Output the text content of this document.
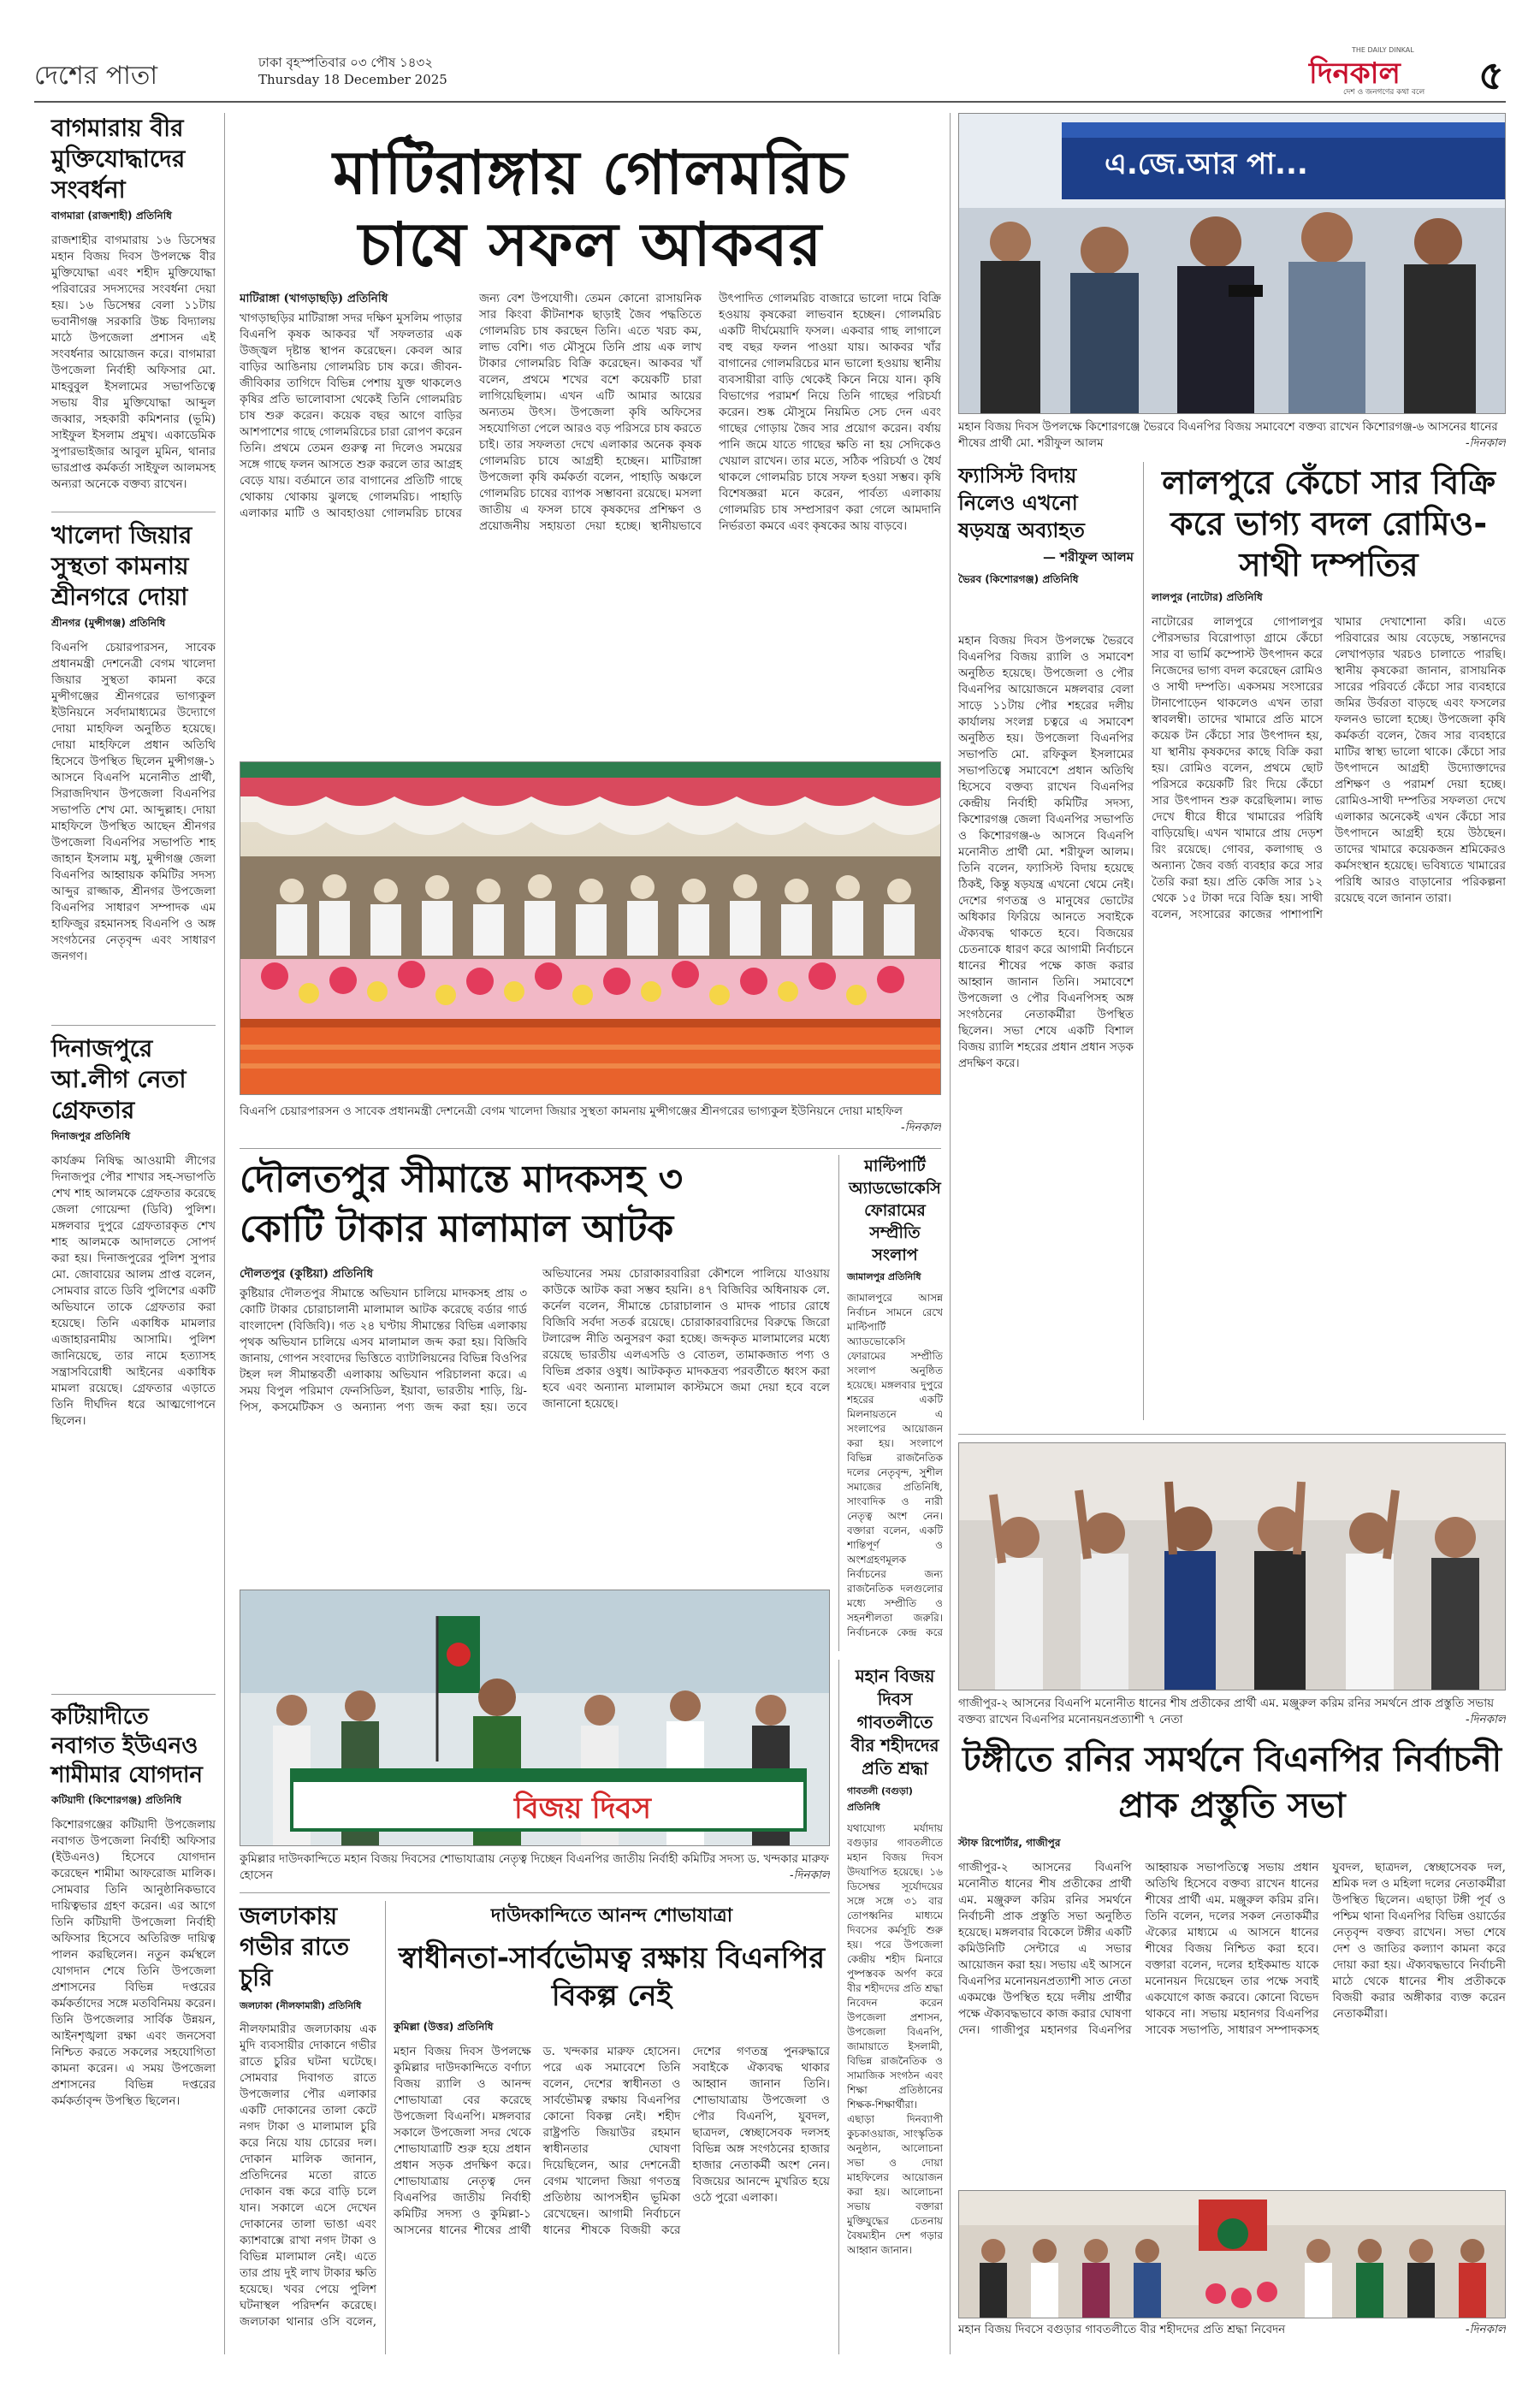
দেশের পাতা	ঢাকা বৃহস্পতিবার ০৩ পৌষ ১৪৩২
Thursday 18 December 2025
THE DAILY DINKAL
দিনকাল
দেশ ও জনগণের কথা বলে ৫
বাগমারায় বীর মুক্তিযোদ্ধাদের সংবর্ধনা
বাগমারা (রাজশাহী) প্রতিনিধি
রাজশাহীর বাগমারায় ১৬ ডিসেম্বর মহান বিজয় দিবস উপলক্ষে বীর মুক্তিযোদ্ধা এবং শহীদ মুক্তিযোদ্ধা পরিবারের সদস্যদের সংবর্ধনা দেয়া হয়। ১৬ ডিসেম্বর বেলা ১১টায় ভবানীগঞ্জ সরকারি উচ্চ বিদ্যালয় মাঠে উপজেলা প্রশাসন এই সংবর্ধনার আয়োজন করে। বাগমারা উপজেলা নির্বাহী অফিসার মো. মাহবুবুল ইসলামের সভাপতিত্বে সভায় বীর মুক্তিযোদ্ধা আব্দুল জব্বার, সহকারী কমিশনার (ভূমি) সাইফুল ইসলাম প্রমুখ। একাডেমিক সুপারভাইজার আবুল মুমিন, থানার ভারপ্রাপ্ত কর্মকর্তা সাইফুল আলমসহ অন্যরা অনেকে বক্তব্য রাখেন।
খালেদা জিয়ার সুস্থতা কামনায় শ্রীনগরে দোয়া
শ্রীনগর (মুন্সীগঞ্জ) প্রতিনিধি
বিএনপি চেয়ারপারসন, সাবেক প্রধানমন্ত্রী দেশনেত্রী বেগম খালেদা জিয়ার সুস্থতা কামনা করে মুন্সীগঞ্জের শ্রীনগরের ভাগ্যকুল ইউনিয়নে সর্বদামাধ্যমের উদ্যোগে দোয়া মাহফিল অনুষ্ঠিত হয়েছে। দোয়া মাহফিলে প্রধান অতিথি হিসেবে উপস্থিত ছিলেন মুন্সীগঞ্জ-১ আসনে বিএনপি মনোনীত প্রার্থী, সিরাজদিখান উপজেলা বিএনপির সভাপতি শেখ মো. আব্দুল্লাহ। দোয়া মাহফিলে উপস্থিত আছেন শ্রীনগর উপজেলা বিএনপির সভাপতি শাহ জাহান ইসলাম মধু, মুন্সীগঞ্জ জেলা বিএনপির আহ্বায়ক কমিটির সদস্য আব্দুর রাজ্জাক, শ্রীনগর উপজেলা বিএনপির সাধারণ সম্পাদক এম হাফিজুর রহমানসহ বিএনপি ও অঙ্গ সংগঠনের নেতৃবৃন্দ এবং সাধারণ জনগণ।
দিনাজপুরে আ.লীগ নেতা গ্রেফতার
দিনাজপুর প্রতিনিধি
কার্যক্রম নিষিদ্ধ আওয়ামী লীগের দিনাজপুর পৌর শাখার সহ-সভাপতি শেখ শাহ আলমকে গ্রেফতার করেছে জেলা গোয়েন্দা (ডিবি) পুলিশ। মঙ্গলবার দুপুরে গ্রেফতারকৃত শেখ শাহ আলমকে আদালতে সোপর্দ করা হয়। দিনাজপুরের পুলিশ সুপার মো. জোবায়ের আলম প্রাপ্ত বলেন, সোমবার রাতে ডিবি পুলিশের একটি অভিযানে তাকে গ্রেফতার করা হয়েছে। তিনি একাধিক মামলার এজাহারনামীয় আসামি। পুলিশ জানিয়েছে, তার নামে হত্যাসহ সন্ত্রাসবিরোধী আইনের একাধিক মামলা রয়েছে। গ্রেফতার এড়াতে তিনি দীর্ঘদিন ধরে আত্মগোপনে ছিলেন।
কটিয়াদীতে নবাগত ইউএনও শামীমার যোগদান
কটিয়াদী (কিশোরগঞ্জ) প্রতিনিধি
কিশোরগঞ্জের কটিয়াদী উপজেলায় নবাগত উপজেলা নির্বাহী অফিসার (ইউএনও) হিসেবে যোগদান করেছেন শামীমা আফরোজ মালিক। সোমবার তিনি আনুষ্ঠানিকভাবে দায়িত্বভার গ্রহণ করেন। এর আগে তিনি কটিয়াদী উপজেলা নির্বাহী অফিসার হিসেবে অতিরিক্ত দায়িত্ব পালন করছিলেন। নতুন কর্মস্থলে যোগদান শেষে তিনি উপজেলা প্রশাসনের বিভিন্ন দপ্তরের কর্মকর্তাদের সঙ্গে মতবিনিময় করেন। তিনি উপজেলার সার্বিক উন্নয়ন, আইনশৃঙ্খলা রক্ষা এবং জনসেবা নিশ্চিত করতে সকলের সহযোগিতা কামনা করেন। এ সময় উপজেলা প্রশাসনের বিভিন্ন দপ্তরের কর্মকর্তাবৃন্দ উপস্থিত ছিলেন।
মাটিরাঙ্গায় গোলমরিচ
চাষে সফল আকবর
মাটিরাঙ্গা (খাগড়াছড়ি) প্রতিনিধি
খাগড়াছড়ির মাটিরাঙ্গা সদর দক্ষিণ মুসলিম পাড়ার বিএনপি কৃষক আকবর খাঁ সফলতার এক উজ্জ্বল দৃষ্টান্ত স্থাপন করেছেন। কেবল আর বাড়ির আঙিনায় গোলমরিচ চাষ করে। জীবন-জীবিকার তাগিদে বিভিন্ন পেশায় যুক্ত থাকলেও কৃষির প্রতি ভালোবাসা থেকেই তিনি গোলমরিচ চাষ শুরু করেন। কয়েক বছর আগে বাড়ির আশপাশের গাছে গোলমরিচের চারা রোপণ করেন তিনি। প্রথমে তেমন গুরুত্ব না দিলেও সময়ের সঙ্গে গাছে ফলন আসতে শুরু করলে তার আগ্রহ বেড়ে যায়। বর্তমানে তার বাগানের প্রতিটি গাছে থোকায় থোকায় ঝুলছে গোলমরিচ। পাহাড়ি এলাকার মাটি ও আবহাওয়া গোলমরিচ চাষের জন্য বেশ উপযোগী। তেমন কোনো রাসায়নিক সার কিংবা কীটনাশক ছাড়াই জৈব পদ্ধতিতে গোলমরিচ চাষ করছেন তিনি। এতে খরচ কম, লাভ বেশি। গত মৌসুমে তিনি প্রায় এক লাখ টাকার গোলমরিচ বিক্রি করেছেন। আকবর খাঁ বলেন, প্রথমে শখের বশে কয়েকটি চারা লাগিয়েছিলাম। এখন এটি আমার আয়ের অন্যতম উৎস। উপজেলা কৃষি অফিসের সহযোগিতা পেলে আরও বড় পরিসরে চাষ করতে চাই। তার সফলতা দেখে এলাকার অনেক কৃষক গোলমরিচ চাষে আগ্রহী হচ্ছেন। মাটিরাঙ্গা উপজেলা কৃষি কর্মকর্তা বলেন, পাহাড়ি অঞ্চলে গোলমরিচ চাষের ব্যাপক সম্ভাবনা রয়েছে। মসলা জাতীয় এ ফসল চাষে কৃষকদের প্রশিক্ষণ ও প্রয়োজনীয় সহায়তা দেয়া হচ্ছে। স্থানীয়ভাবে উৎপাদিত গোলমরিচ বাজারে ভালো দামে বিক্রি হওয়ায় কৃষকেরা লাভবান হচ্ছেন। গোলমরিচ একটি দীর্ঘমেয়াদি ফসল। একবার গাছ লাগালে বহু বছর ফলন পাওয়া যায়। আকবর খাঁর বাগানের গোলমরিচের মান ভালো হওয়ায় স্থানীয় ব্যবসায়ীরা বাড়ি থেকেই কিনে নিয়ে যান। কৃষি বিভাগের পরামর্শ নিয়ে তিনি গাছের পরিচর্যা করেন। শুষ্ক মৌসুমে নিয়মিত সেচ দেন এবং গাছের গোড়ায় জৈব সার প্রয়োগ করেন। বর্ষায় পানি জমে যাতে গাছের ক্ষতি না হয় সেদিকেও খেয়াল রাখেন। তার মতে, সঠিক পরিচর্যা ও ধৈর্য থাকলে গোলমরিচ চাষে সফল হওয়া সম্ভব। কৃষি বিশেষজ্ঞরা মনে করেন, পার্বত্য এলাকায় গোলমরিচ চাষ সম্প্রসারণ করা গেলে আমদানি নির্ভরতা কমবে এবং কৃষকের আয় বাড়বে।
বিএনপি চেয়ারপারসন ও সাবেক প্রধানমন্ত্রী দেশনেত্রী বেগম খালেদা জিয়ার সুস্থতা কামনায় মুন্সীগঞ্জের শ্রীনগরের ভাগ্যকুল ইউনিয়নে দোয়া মাহফিল
-দিনকাল
এ.জে.আর পা...
মহান বিজয় দিবস উপলক্ষে কিশোরগঞ্জে ভৈরবে বিএনপির বিজয় সমাবেশে বক্তব্য রাখেন কিশোরগঞ্জ-৬ আসনের ধানের শীষের প্রার্থী মো. শরীফুল আলম	-দিনকাল
ফ্যাসিস্ট বিদায় নিলেও এখনো ষড়যন্ত্র অব্যাহত
— শরীফুল আলম
ভৈরব (কিশোরগঞ্জ) প্রতিনিধি
মহান বিজয় দিবস উপলক্ষে ভৈরবে বিএনপির বিজয় র‍্যালি ও সমাবেশ অনুষ্ঠিত হয়েছে। উপজেলা ও পৌর বিএনপির আয়োজনে মঙ্গলবার বেলা সাড়ে ১১টায় পৌর শহরের দলীয় কার্যালয় সংলগ্ন চত্বরে এ সমাবেশ অনুষ্ঠিত হয়। উপজেলা বিএনপির সভাপতি মো. রফিকুল ইসলামের সভাপতিত্বে সমাবেশে প্রধান অতিথি হিসেবে বক্তব্য রাখেন বিএনপির কেন্দ্রীয় নির্বাহী কমিটির সদস্য, কিশোরগঞ্জ জেলা বিএনপির সভাপতি ও কিশোরগঞ্জ-৬ আসনে বিএনপি মনোনীত প্রার্থী মো. শরীফুল আলম। তিনি বলেন, ফ্যাসিস্ট বিদায় হয়েছে ঠিকই, কিন্তু ষড়যন্ত্র এখনো থেমে নেই। দেশের গণতন্ত্র ও মানুষের ভোটের অধিকার ফিরিয়ে আনতে সবাইকে ঐক্যবদ্ধ থাকতে হবে। বিজয়ের চেতনাকে ধারণ করে আগামী নির্বাচনে ধানের শীষের পক্ষে কাজ করার আহ্বান জানান তিনি। সমাবেশে উপজেলা ও পৌর বিএনপিসহ অঙ্গ সংগঠনের নেতাকর্মীরা উপস্থিত ছিলেন। সভা শেষে একটি বিশাল বিজয় র‍্যালি শহরের প্রধান প্রধান সড়ক প্রদক্ষিণ করে।
লালপুরে কেঁচো সার বিক্রি করে ভাগ্য বদল রোমিও-সাথী দম্পতির
লালপুর (নাটোর) প্রতিনিধি
নাটোরের লালপুরে গোপালপুর পৌরসভার বিরোপাড়া গ্রামে কেঁচো সার বা ভার্মি কম্পোস্ট উৎপাদন করে নিজেদের ভাগ্য বদল করেছেন রোমিও ও সাথী দম্পতি। একসময় সংসারের টানাপোড়েন থাকলেও এখন তারা স্বাবলম্বী। তাদের খামারে প্রতি মাসে কয়েক টন কেঁচো সার উৎপাদন হয়, যা স্থানীয় কৃষকদের কাছে বিক্রি করা হয়। রোমিও বলেন, প্রথমে ছোট পরিসরে কয়েকটি রিং দিয়ে কেঁচো সার উৎপাদন শুরু করেছিলাম। লাভ দেখে ধীরে ধীরে খামারের পরিধি বাড়িয়েছি। এখন খামারে প্রায় দেড়শ রিং রয়েছে। গোবর, কলাগাছ ও অন্যান্য জৈব বর্জ্য ব্যবহার করে সার তৈরি করা হয়। প্রতি কেজি সার ১২ থেকে ১৫ টাকা দরে বিক্রি হয়। সাথী বলেন, সংসারের কাজের পাশাপাশি খামার দেখাশোনা করি। এতে পরিবারের আয় বেড়েছে, সন্তানদের লেখাপড়ার খরচও চালাতে পারছি। স্থানীয় কৃষকেরা জানান, রাসায়নিক সারের পরিবর্তে কেঁচো সার ব্যবহারে জমির উর্বরতা বাড়ছে এবং ফসলের ফলনও ভালো হচ্ছে। উপজেলা কৃষি কর্মকর্তা বলেন, জৈব সার ব্যবহারে মাটির স্বাস্থ্য ভালো থাকে। কেঁচো সার উৎপাদনে আগ্রহী উদ্যোক্তাদের প্রশিক্ষণ ও পরামর্শ দেয়া হচ্ছে। রোমিও-সাথী দম্পতির সফলতা দেখে এলাকার অনেকেই এখন কেঁচো সার উৎপাদনে আগ্রহী হয়ে উঠছেন। তাদের খামারে কয়েকজন শ্রমিকেরও কর্মসংস্থান হয়েছে। ভবিষ্যতে খামারের পরিধি আরও বাড়ানোর পরিকল্পনা রয়েছে বলে জানান তারা।
দৌলতপুর সীমান্তে মাদকসহ ৩
কোটি টাকার মালামাল আটক
দৌলতপুর (কুষ্টিয়া) প্রতিনিধি
কুষ্টিয়ার দৌলতপুর সীমান্তে অভিযান চালিয়ে মাদকসহ প্রায় ৩ কোটি টাকার চোরাচালানী মালামাল আটক করেছে বর্ডার গার্ড বাংলাদেশ (বিজিবি)। গত ২৪ ঘণ্টায় সীমান্তের বিভিন্ন এলাকায় পৃথক অভিযান চালিয়ে এসব মালামাল জব্দ করা হয়। বিজিবি জানায়, গোপন সংবাদের ভিত্তিতে ব্যাটালিয়নের বিভিন্ন বিওপির টহল দল সীমান্তবর্তী এলাকায় অভিযান পরিচালনা করে। এ সময় বিপুল পরিমাণ ফেনসিডিল, ইয়াবা, ভারতীয় শাড়ি, থ্রি-পিস, কসমেটিকস ও অন্যান্য পণ্য জব্দ করা হয়। তবে অভিযানের সময় চোরাকারবারিরা কৌশলে পালিয়ে যাওয়ায় কাউকে আটক করা সম্ভব হয়নি। ৪৭ বিজিবির অধিনায়ক লে. কর্নেল বলেন, সীমান্তে চোরাচালান ও মাদক পাচার রোধে বিজিবি সর্বদা সতর্ক রয়েছে। চোরাকারবারিদের বিরুদ্ধে জিরো টলারেন্স নীতি অনুসরণ করা হচ্ছে। জব্দকৃত মালামালের মধ্যে রয়েছে ভারতীয় এলএসডি ও বোতল, তামাকজাত পণ্য ও বিভিন্ন প্রকার ওষুধ। আটককৃত মাদকদ্রব্য পরবর্তীতে ধ্বংস করা হবে এবং অন্যান্য মালামাল কাস্টমসে জমা দেয়া হবে বলে জানানো হয়েছে।
মাল্টিপার্টি অ্যাডভোকেসি ফোরামের সম্প্রীতি সংলাপ
জামালপুর প্রতিনিধি
জামালপুরে আসন্ন নির্বাচন সামনে রেখে মাল্টিপার্টি অ্যাডভোকেসি ফোরামের সম্প্রীতি সংলাপ অনুষ্ঠিত হয়েছে। মঙ্গলবার দুপুরে শহরের একটি মিলনায়তনে এ সংলাপের আয়োজন করা হয়। সংলাপে বিভিন্ন রাজনৈতিক দলের নেতৃবৃন্দ, সুশীল সমাজের প্রতিনিধি, সাংবাদিক ও নারী নেতৃত্ব অংশ নেন। বক্তারা বলেন, একটি শান্তিপূর্ণ ও অংশগ্রহণমূলক নির্বাচনের জন্য রাজনৈতিক দলগুলোর মধ্যে সম্প্রীতি ও সহনশীলতা জরুরি। নির্বাচনকে কেন্দ্র করে
বিজয় দিবস
কুমিল্লার দাউদকান্দিতে মহান বিজয় দিবসের শোভাযাত্রায় নেতৃত্ব দিচ্ছেন বিএনপির জাতীয় নির্বাহী কমিটির সদস্য ড. খন্দকার মারুফ হোসেন	-দিনকাল
জলঢাকায় গভীর রাতে চুরি
জলঢাকা (নীলফামারী) প্রতিনিধি
নীলফামারীর জলঢাকায় এক মুদি ব্যবসায়ীর দোকানে গভীর রাতে চুরির ঘটনা ঘটেছে। সোমবার দিবাগত রাতে উপজেলার পৌর এলাকার একটি দোকানের তালা কেটে নগদ টাকা ও মালামাল চুরি করে নিয়ে যায় চোরের দল। দোকান মালিক জানান, প্রতিদিনের মতো রাতে দোকান বন্ধ করে বাড়ি চলে যান। সকালে এসে দেখেন দোকানের তালা ভাঙা এবং ক্যাশবাক্সে রাখা নগদ টাকা ও বিভিন্ন মালামাল নেই। এতে তার প্রায় দুই লাখ টাকার ক্ষতি হয়েছে। খবর পেয়ে পুলিশ ঘটনাস্থল পরিদর্শন করেছে। জলঢাকা থানার ওসি বলেন,
দাউদকান্দিতে আনন্দ শোভাযাত্রা
স্বাধীনতা-সার্বভৌমত্ব রক্ষায় বিএনপির বিকল্প নেই
কুমিল্লা (উত্তর) প্রতিনিধি
মহান বিজয় দিবস উপলক্ষে কুমিল্লার দাউদকান্দিতে বর্ণাঢ্য বিজয় র‍্যালি ও আনন্দ শোভাযাত্রা বের করেছে উপজেলা বিএনপি। মঙ্গলবার সকালে উপজেলা সদর থেকে শোভাযাত্রাটি শুরু হয়ে প্রধান প্রধান সড়ক প্রদক্ষিণ করে। শোভাযাত্রায় নেতৃত্ব দেন বিএনপির জাতীয় নির্বাহী কমিটির সদস্য ও কুমিল্লা-১ আসনের ধানের শীষের প্রার্থী ড. খন্দকার মারুফ হোসেন। পরে এক সমাবেশে তিনি বলেন, দেশের স্বাধীনতা ও সার্বভৌমত্ব রক্ষায় বিএনপির কোনো বিকল্প নেই। শহীদ রাষ্ট্রপতি জিয়াউর রহমান স্বাধীনতার ঘোষণা দিয়েছিলেন, আর দেশনেত্রী বেগম খালেদা জিয়া গণতন্ত্র প্রতিষ্ঠায় আপসহীন ভূমিকা রেখেছেন। আগামী নির্বাচনে ধানের শীষকে বিজয়ী করে দেশের গণতন্ত্র পুনরুদ্ধারে সবাইকে ঐক্যবদ্ধ থাকার আহ্বান জানান তিনি। শোভাযাত্রায় উপজেলা ও পৌর বিএনপি, যুবদল, ছাত্রদল, স্বেচ্ছাসেবক দলসহ বিভিন্ন অঙ্গ সংগঠনের হাজার হাজার নেতাকর্মী অংশ নেন। বিজয়ের আনন্দে মুখরিত হয়ে ওঠে পুরো এলাকা।
মহান বিজয় দিবস গাবতলীতে বীর শহীদদের প্রতি শ্রদ্ধা
গাবতলী (বগুড়া) প্রতিনিধি
যথাযোগ্য মর্যাদায় বগুড়ার গাবতলীতে মহান বিজয় দিবস উদযাপিত হয়েছে। ১৬ ডিসেম্বর সূর্যোদয়ের সঙ্গে সঙ্গে ৩১ বার তোপধ্বনির মাধ্যমে দিবসের কর্মসূচি শুরু হয়। পরে উপজেলা কেন্দ্রীয় শহীদ মিনারে পুষ্পস্তবক অর্পণ করে বীর শহীদদের প্রতি শ্রদ্ধা নিবেদন করেন উপজেলা প্রশাসন, উপজেলা বিএনপি, জামায়াতে ইসলামী, বিভিন্ন রাজনৈতিক ও সামাজিক সংগঠন এবং শিক্ষা প্রতিষ্ঠানের শিক্ষক-শিক্ষার্থীরা। এছাড়া দিনব্যাপী কুচকাওয়াজ, সাংস্কৃতিক অনুষ্ঠান, আলোচনা সভা ও দোয়া মাহফিলের আয়োজন করা হয়। আলোচনা সভায় বক্তারা মুক্তিযুদ্ধের চেতনায় বৈষম্যহীন দেশ গড়ার আহ্বান জানান।
গাজীপুর-২ আসনের বিএনপি মনোনীত ধানের শীষ প্রতীকের প্রার্থী এম. মঞ্জুরুল করিম রনির সমর্থনে প্রাক প্রস্তুতি সভায় বক্তব্য রাখেন বিএনপির মনোনয়নপ্রত্যাশী ৭ নেতা	-দিনকাল
টঙ্গীতে রনির সমর্থনে বিএনপির নির্বাচনী প্রাক প্রস্তুতি সভা
স্টাফ রিপোর্টার, গাজীপুর
গাজীপুর-২ আসনের বিএনপি মনোনীত ধানের শীষ প্রতীকের প্রার্থী এম. মঞ্জুরুল করিম রনির সমর্থনে নির্বাচনী প্রাক প্রস্তুতি সভা অনুষ্ঠিত হয়েছে। মঙ্গলবার বিকেলে টঙ্গীর একটি কমিউনিটি সেন্টারে এ সভার আয়োজন করা হয়। সভায় এই আসনে বিএনপির মনোনয়নপ্রত্যাশী সাত নেতা একমঞ্চে উপস্থিত হয়ে দলীয় প্রার্থীর পক্ষে ঐক্যবদ্ধভাবে কাজ করার ঘোষণা দেন। গাজীপুর মহানগর বিএনপির আহ্বায়ক সভাপতিত্বে সভায় প্রধান অতিথি হিসেবে বক্তব্য রাখেন ধানের শীষের প্রার্থী এম. মঞ্জুরুল করিম রনি। তিনি বলেন, দলের সকল নেতাকর্মীর ঐক্যের মাধ্যমে এ আসনে ধানের শীষের বিজয় নিশ্চিত করা হবে। বক্তারা বলেন, দলের হাইকমান্ড যাকে মনোনয়ন দিয়েছেন তার পক্ষে সবাই একযোগে কাজ করবে। কোনো বিভেদ থাকবে না। সভায় মহানগর বিএনপির সাবেক সভাপতি, সাধারণ সম্পাদকসহ যুবদল, ছাত্রদল, স্বেচ্ছাসেবক দল, শ্রমিক দল ও মহিলা দলের নেতাকর্মীরা উপস্থিত ছিলেন। এছাড়া টঙ্গী পূর্ব ও পশ্চিম থানা বিএনপির বিভিন্ন ওয়ার্ডের নেতৃবৃন্দ বক্তব্য রাখেন। সভা শেষে দেশ ও জাতির কল্যাণ কামনা করে দোয়া করা হয়। ঐক্যবদ্ধভাবে নির্বাচনী মাঠে থেকে ধানের শীষ প্রতীককে বিজয়ী করার অঙ্গীকার ব্যক্ত করেন নেতাকর্মীরা।
মহান বিজয় দিবসে বগুড়ার গাবতলীতে বীর শহীদদের প্রতি শ্রদ্ধা নিবেদন	-দিনকাল
